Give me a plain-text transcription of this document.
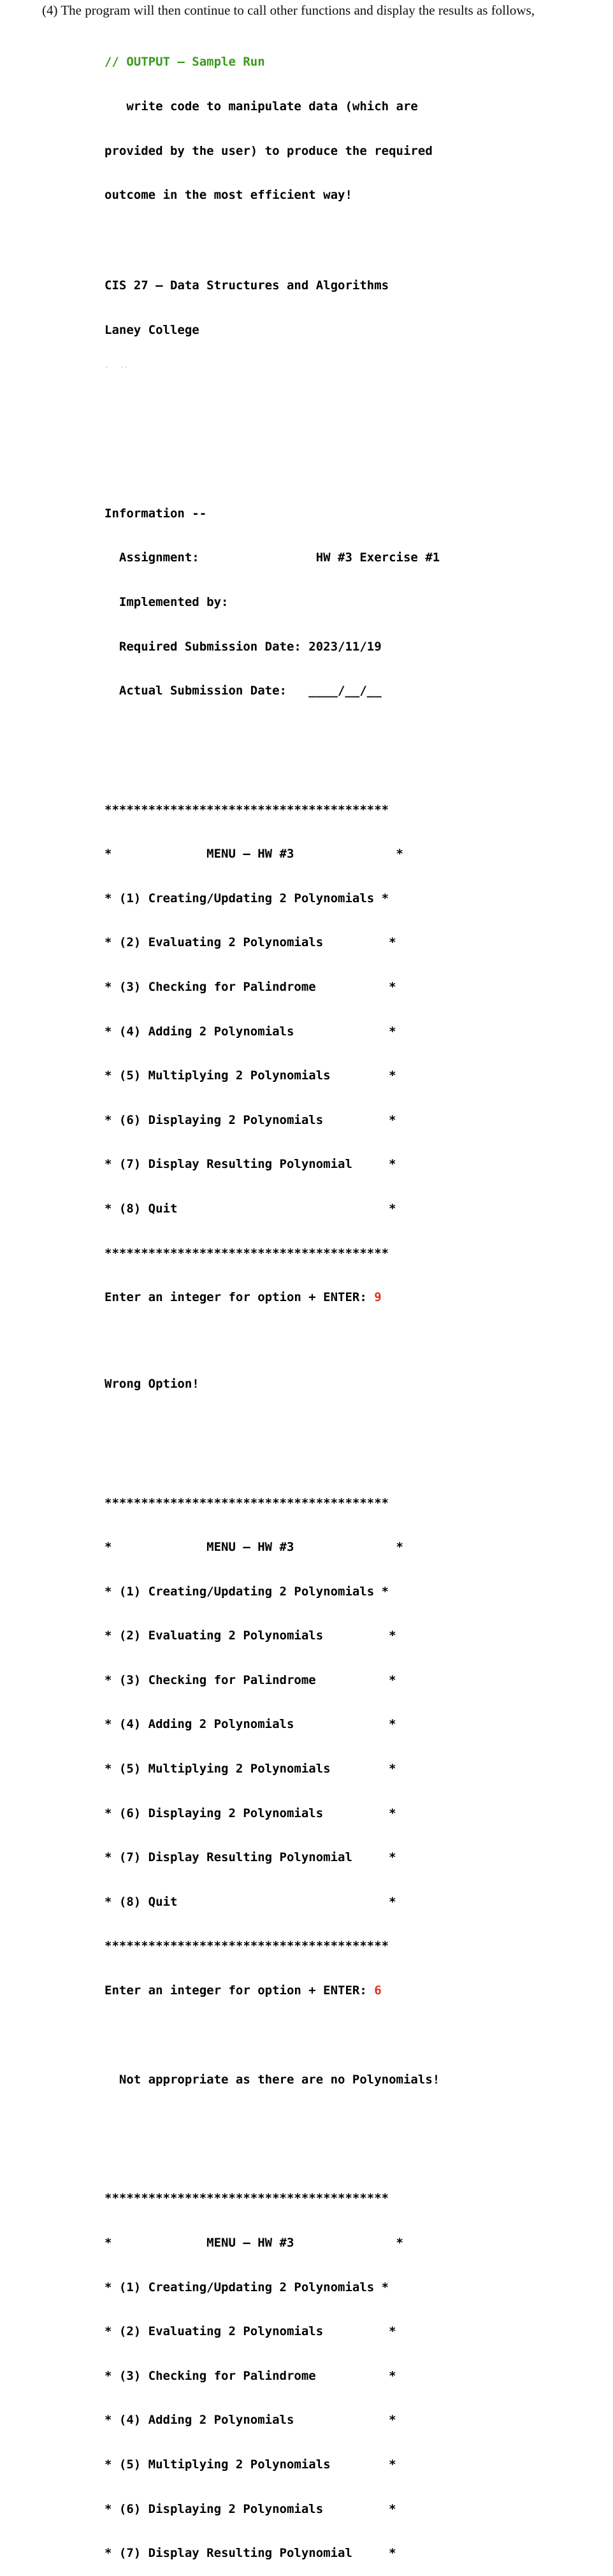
(4) The program will then continue to call other functions and display the results as follows,

// OUTPUT – Sample Run

write code to manipulate data (which are

provided by the user) to produce the required

outcome in the most efficient way!

CIS 27 – Data Structures and Algorithms

Laney College

˝   ˝˝

Information --

Assignment:                HW #3 Exercise #1

Implemented by:

Required Submission Date: 2023/11/19

Actual Submission Date:   ____/__/__

***************************************

*             MENU – HW #3              *

* (1) Creating/Updating 2 Polynomials *

* (2) Evaluating 2 Polynomials         *

* (3) Checking for Palindrome          *

* (4) Adding 2 Polynomials             *

* (5) Multiplying 2 Polynomials        *

* (6) Displaying 2 Polynomials         *

* (7) Display Resulting Polynomial     *

* (8) Quit                             *

***************************************

Enter an integer for option + ENTER: 9

Wrong Option!

***************************************

*             MENU – HW #3              *

* (1) Creating/Updating 2 Polynomials *

* (2) Evaluating 2 Polynomials         *

* (3) Checking for Palindrome          *

* (4) Adding 2 Polynomials             *

* (5) Multiplying 2 Polynomials        *

* (6) Displaying 2 Polynomials         *

* (7) Display Resulting Polynomial     *

* (8) Quit                             *

***************************************

Enter an integer for option + ENTER: 6

Not appropriate as there are no Polynomials!

***************************************

*             MENU – HW #3              *

* (1) Creating/Updating 2 Polynomials *

* (2) Evaluating 2 Polynomials         *

* (3) Checking for Palindrome          *

* (4) Adding 2 Polynomials             *

* (5) Multiplying 2 Polynomials        *

* (6) Displaying 2 Polynomials         *

* (7) Display Resulting Polynomial     *
